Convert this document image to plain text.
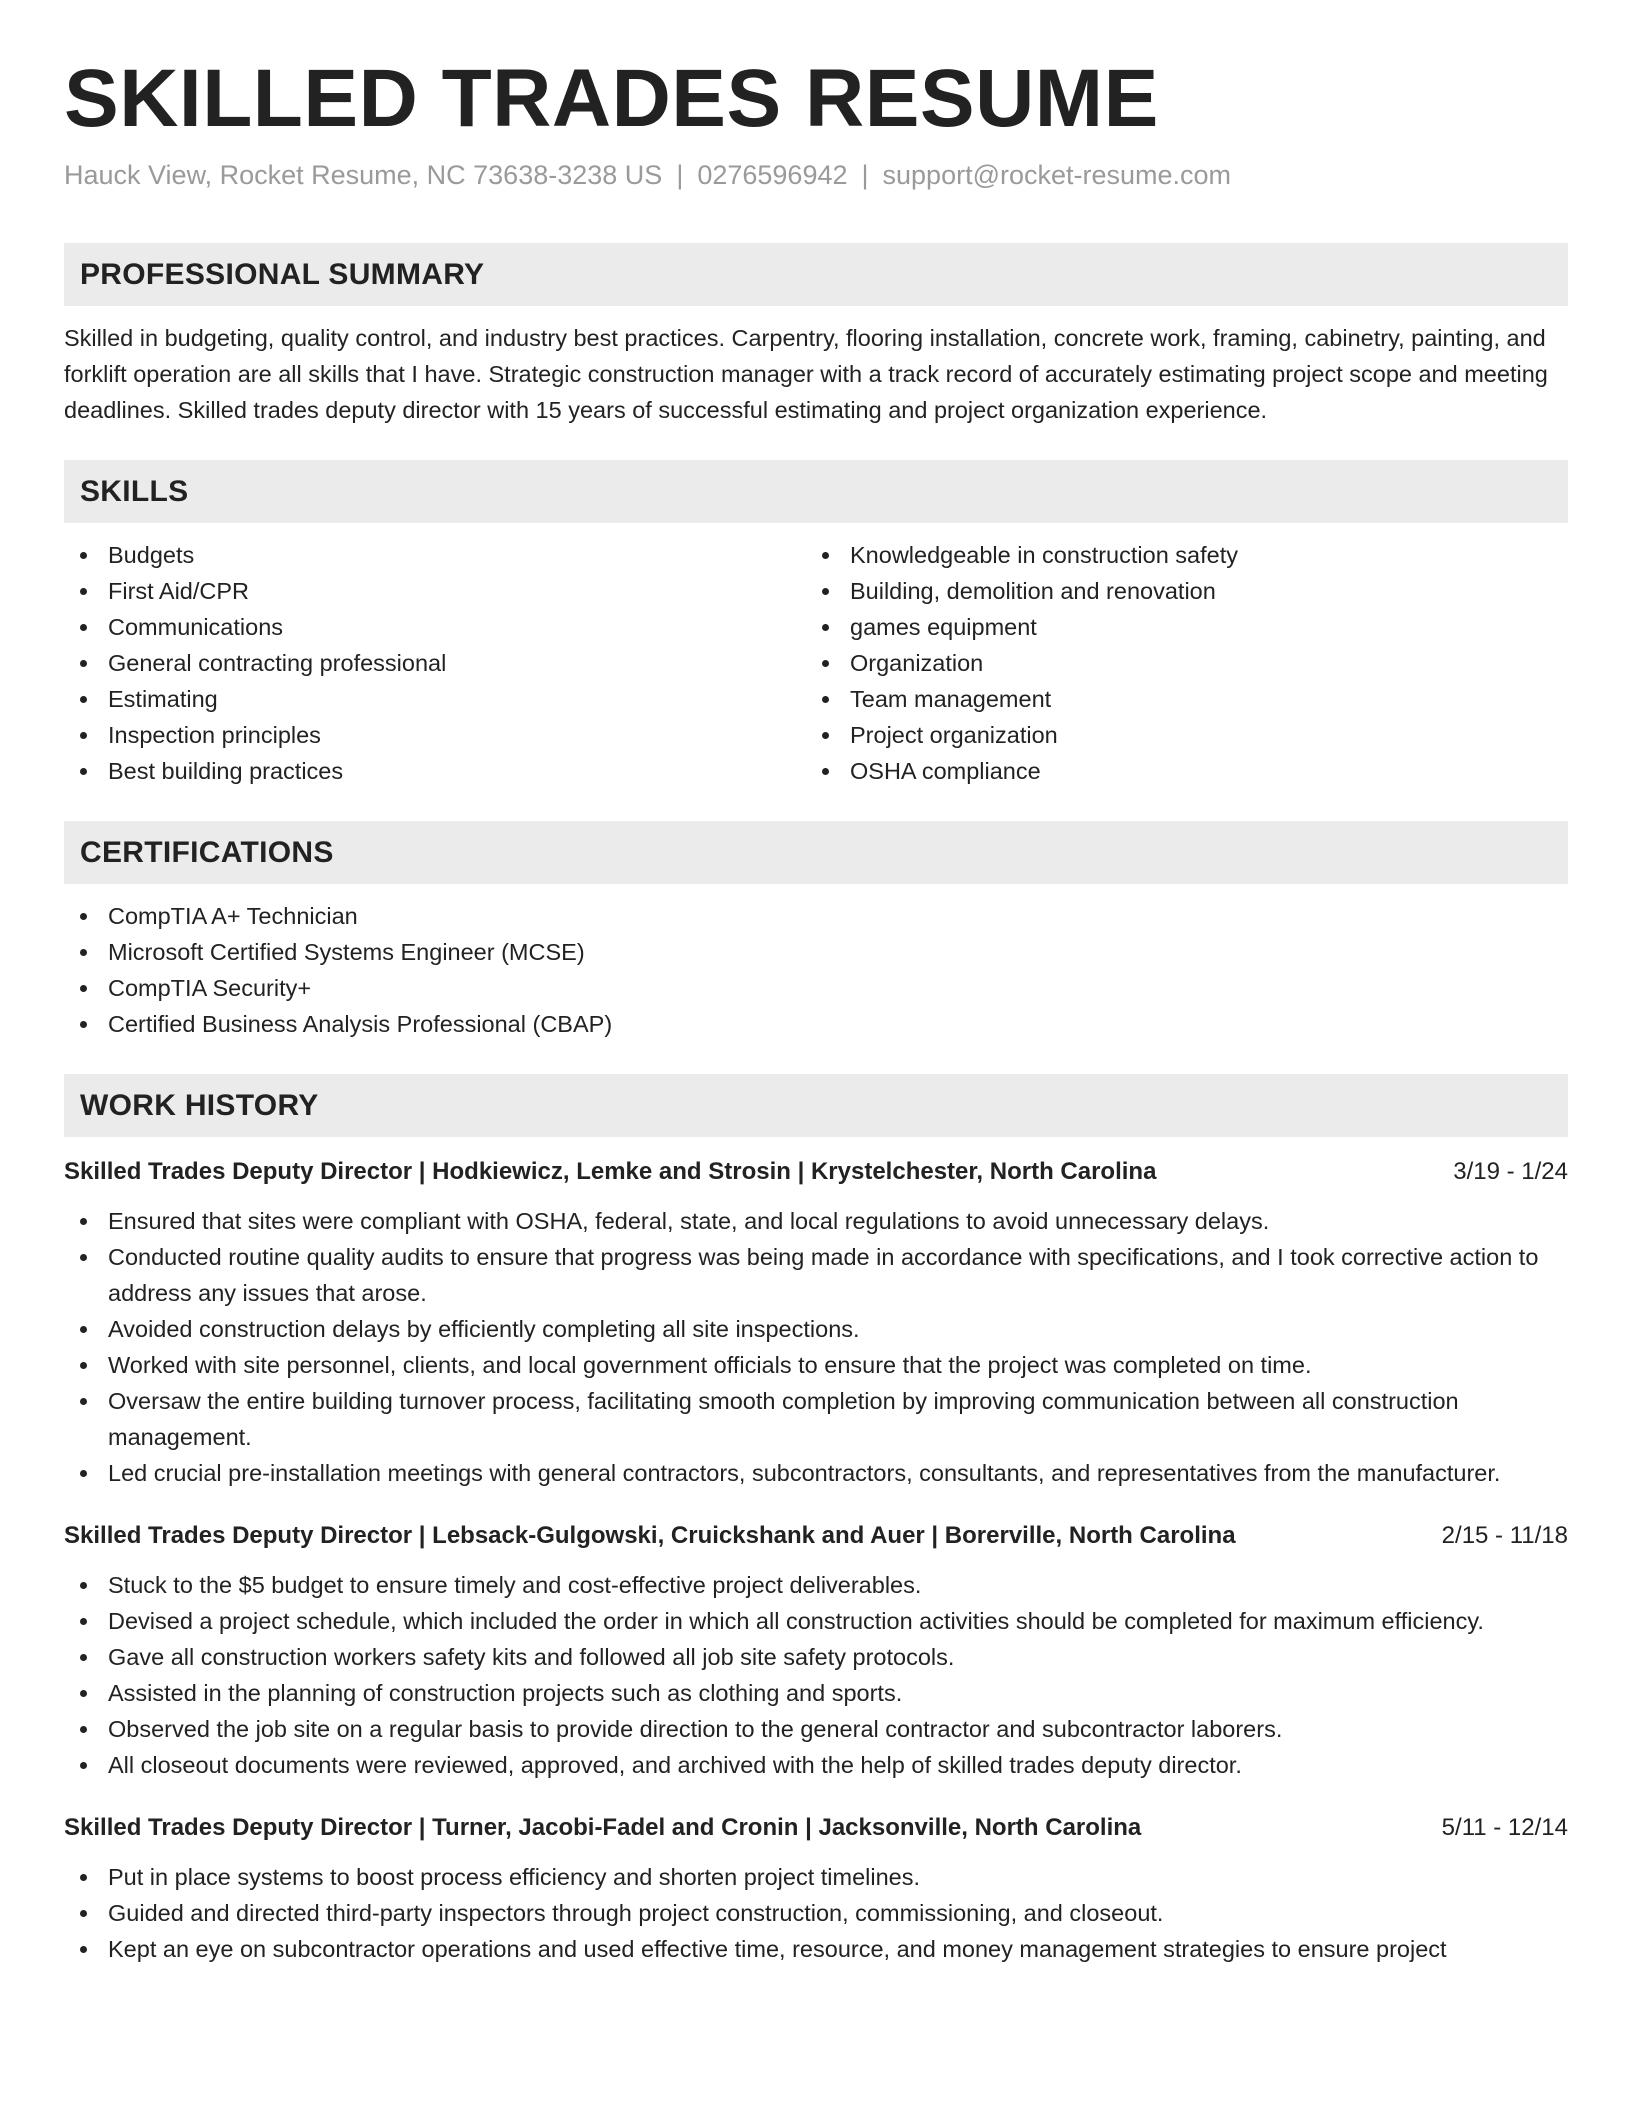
SKILLED TRADES RESUME
Hauck View, Rocket Resume, NC 73638-3238 US | 0276596942 | support@rocket-resume.com
PROFESSIONAL SUMMARY

Skilled in budgeting, quality control, and industry best practices. Carpentry, flooring installation, concrete work, framing, cabinetry, painting, and forklift operation are all skills that I have. Strategic construction manager with a track record of accurately estimating project scope and meeting deadlines. Skilled trades deputy director with 15 years of successful estimating and project organization experience.

SKILLS
Budgets
First Aid/CPR
Communications
General contracting professional
Estimating
Inspection principles
Best building practices
Knowledgeable in construction safety
Building, demolition and renovation
games equipment
Organization
Team management
Project organization
OSHA compliance
CERTIFICATIONS
CompTIA A+ Technician
Microsoft Certified Systems Engineer (MCSE)
CompTIA Security+
Certified Business Analysis Professional (CBAP)
WORK HISTORY
Skilled Trades Deputy Director | Hodkiewicz, Lemke and Strosin | Krystelchester, North Carolina	3/19 - 1/24
Ensured that sites were compliant with OSHA, federal, state, and local regulations to avoid unnecessary delays.
Conducted routine quality audits to ensure that progress was being made in accordance with specifications, and I took corrective action to address any issues that arose.
Avoided construction delays by efficiently completing all site inspections.
Worked with site personnel, clients, and local government officials to ensure that the project was completed on time.
Oversaw the entire building turnover process, facilitating smooth completion by improving communication between all construction management.
Led crucial pre-installation meetings with general contractors, subcontractors, consultants, and representatives from the manufacturer.
Skilled Trades Deputy Director | Lebsack-Gulgowski, Cruickshank and Auer | Borerville, North Carolina	2/15 - 11/18
Stuck to the $5 budget to ensure timely and cost-effective project deliverables.
Devised a project schedule, which included the order in which all construction activities should be completed for maximum efficiency.
Gave all construction workers safety kits and followed all job site safety protocols.
Assisted in the planning of construction projects such as clothing and sports.
Observed the job site on a regular basis to provide direction to the general contractor and subcontractor laborers.
All closeout documents were reviewed, approved, and archived with the help of skilled trades deputy director.
Skilled Trades Deputy Director | Turner, Jacobi-Fadel and Cronin | Jacksonville, North Carolina	5/11 - 12/14
Put in place systems to boost process efficiency and shorten project timelines.
Guided and directed third-party inspectors through project construction, commissioning, and closeout.
Kept an eye on subcontractor operations and used effective time, resource, and money management strategies to ensure project
